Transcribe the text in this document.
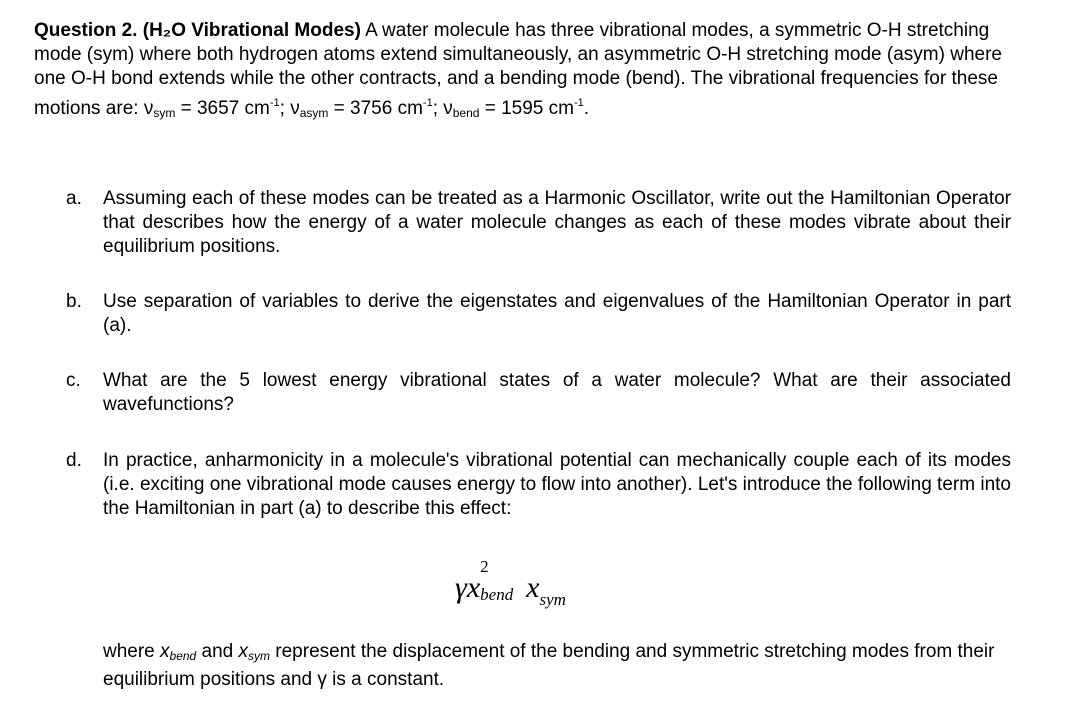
Question 2. (H₂O Vibrational Modes) A water molecule has three vibrational modes, a symmetric O-H stretching mode (sym) where both hydrogen atoms extend simultaneously, an asymmetric O-H stretching mode (asym) where one O-H bond extends while the other contracts, and a bending mode (bend). The vibrational frequencies for these motions are: νsym = 3657 $cm^{-1}$; νasym = 3756 $cm^{-1}$; νbend = 1595 $cm^{-1}$.
a.	Assuming each of these modes can be treated as a Harmonic Oscillator, write out the Hamiltonian Operator that describes how the energy of a water molecule changes as each of these modes vibrate about their equilibrium positions.
b.	Use separation of variables to derive the eigenstates and eigenvalues of the Hamiltonian Operator in part (a).
c.	What are the 5 lowest energy vibrational states of a water molecule? What are their associated wavefunctions?
d.	In practice, anharmonicity in a molecule's vibrational potential can mechanically couple each of its modes (i.e. exciting one vibrational mode causes energy to flow into another). Let's introduce the following term into the Hamiltonian in part (a) to describe this effect:
γx
2
bend $x_{sym}$
where xbend and xsym represent the displacement of the bending and symmetric stretching modes from their equilibrium positions and γ is a constant.
